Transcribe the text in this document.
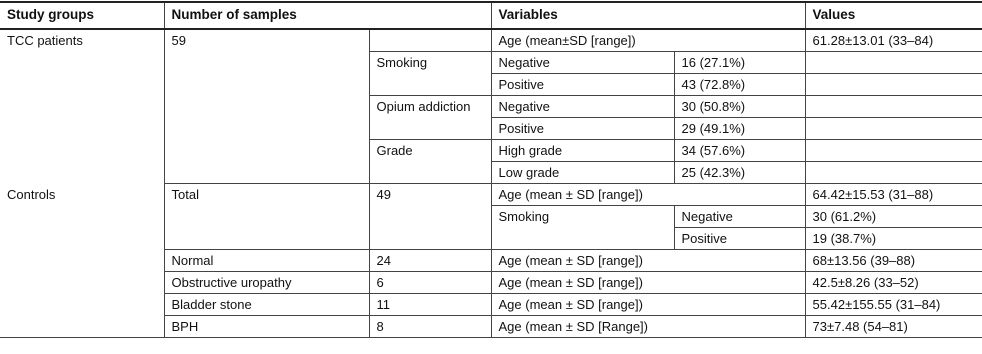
Study groups	Number of samples		Variables		Values
TCC patients	59		Age (mean±SD [range])		61.28±13.01 (33–84)
		Smoking	Negative	16 (27.1%)	
			Positive	43 (72.8%)	
		Opium addiction	Negative	30 (50.8%)	
			Positive	29 (49.1%)	
		Grade	High grade	34 (57.6%)	
			Low grade	25 (42.3%)	
Controls	Total	49	Age (mean ± SD [range])		64.42±15.53 (31–88)
			Smoking	Negative	30 (61.2%)
				Positive	19 (38.7%)
	Normal	24	Age (mean ± SD [range])		68±13.56 (39–88)
	Obstructive uropathy	6	Age (mean ± SD [range])		42.5±8.26 (33–52)
	Bladder stone	11	Age (mean ± SD [range])		55.42±155.55 (31–84)
	BPH	8	Age (mean ± SD [Range])		73±7.48 (54–81)
